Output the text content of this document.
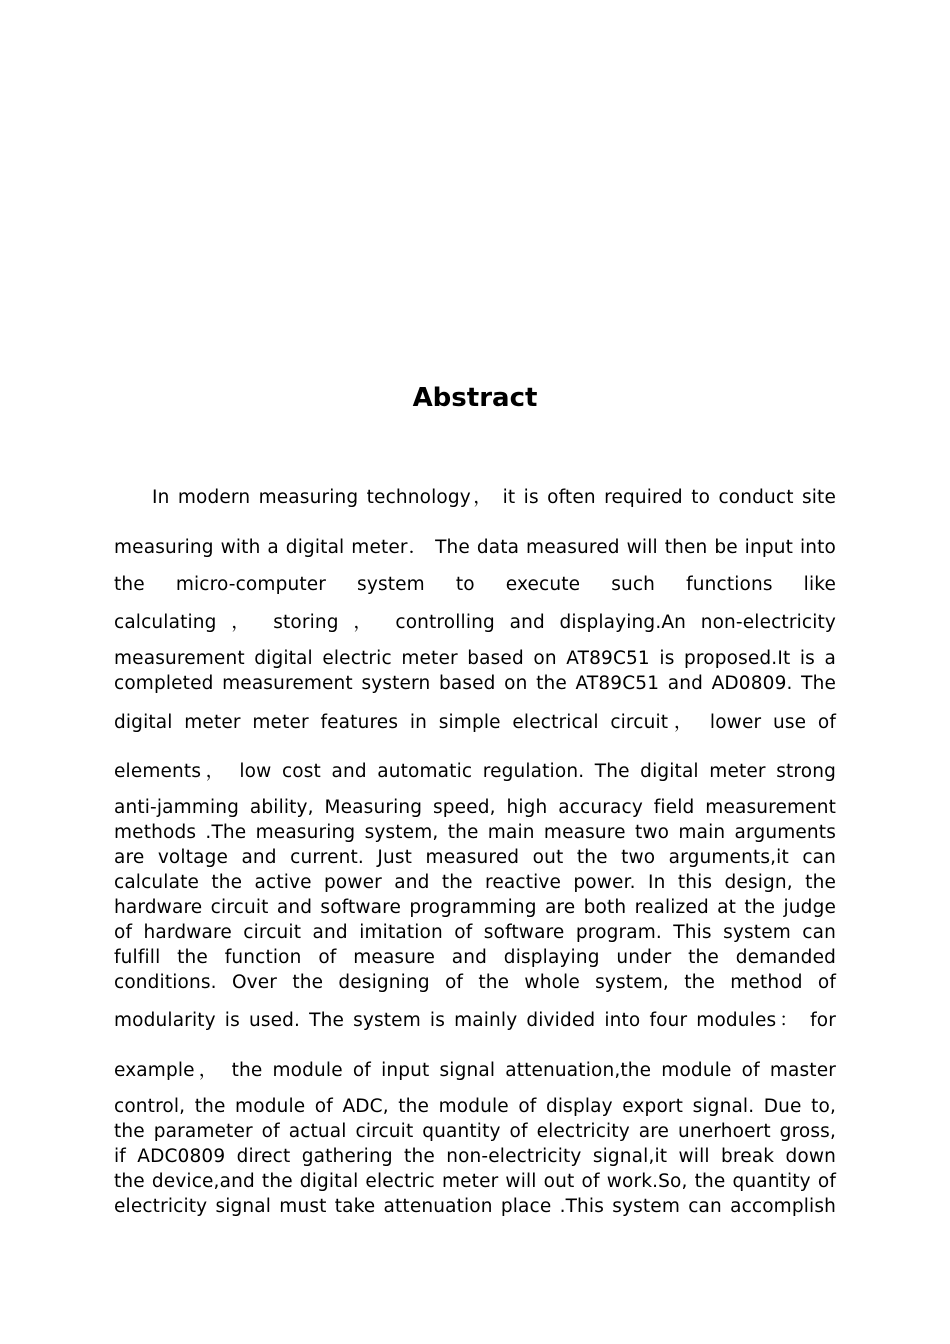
Abstract
In modern measuring technology， it is often required to conduct site
measuring with a digital meter． The data measured will then be input into
the micro-computer system to execute such functions like
calculating ， storing ， controlling and displaying.An non-electricity
measurement digital electric meter based on AT89C51 is proposed.It is a
completed measurement systern based on the AT89C51 and AD0809. The
digital meter meter features in simple electrical circuit， lower use of
elements， low cost and automatic regulation. The digital meter strong
anti-jamming ability, Measuring speed, high accuracy field measurement
methods .The measuring system, the main measure two main arguments
are voltage and current. Just measured out the two arguments,it can
calculate the active power and the reactive power. In this design, the
hardware circuit and software programming are both realized at the judge
of hardware circuit and imitation of software program. This system can
fulfill the function of measure and displaying under the demanded
conditions. Over the designing of the whole system, the method of
modularity is used. The system is mainly divided into four modules： for
example， the module of input signal attenuation,the module of master
control, the module of ADC, the module of display export signal. Due to,
the parameter of actual circuit quantity of electricity are unerhoert gross,
if ADC0809 direct gathering the non-electricity signal,it will break down
the device,and the digital electric meter will out of work.So, the quantity of
electricity signal must take attenuation place .This system can accomplish
